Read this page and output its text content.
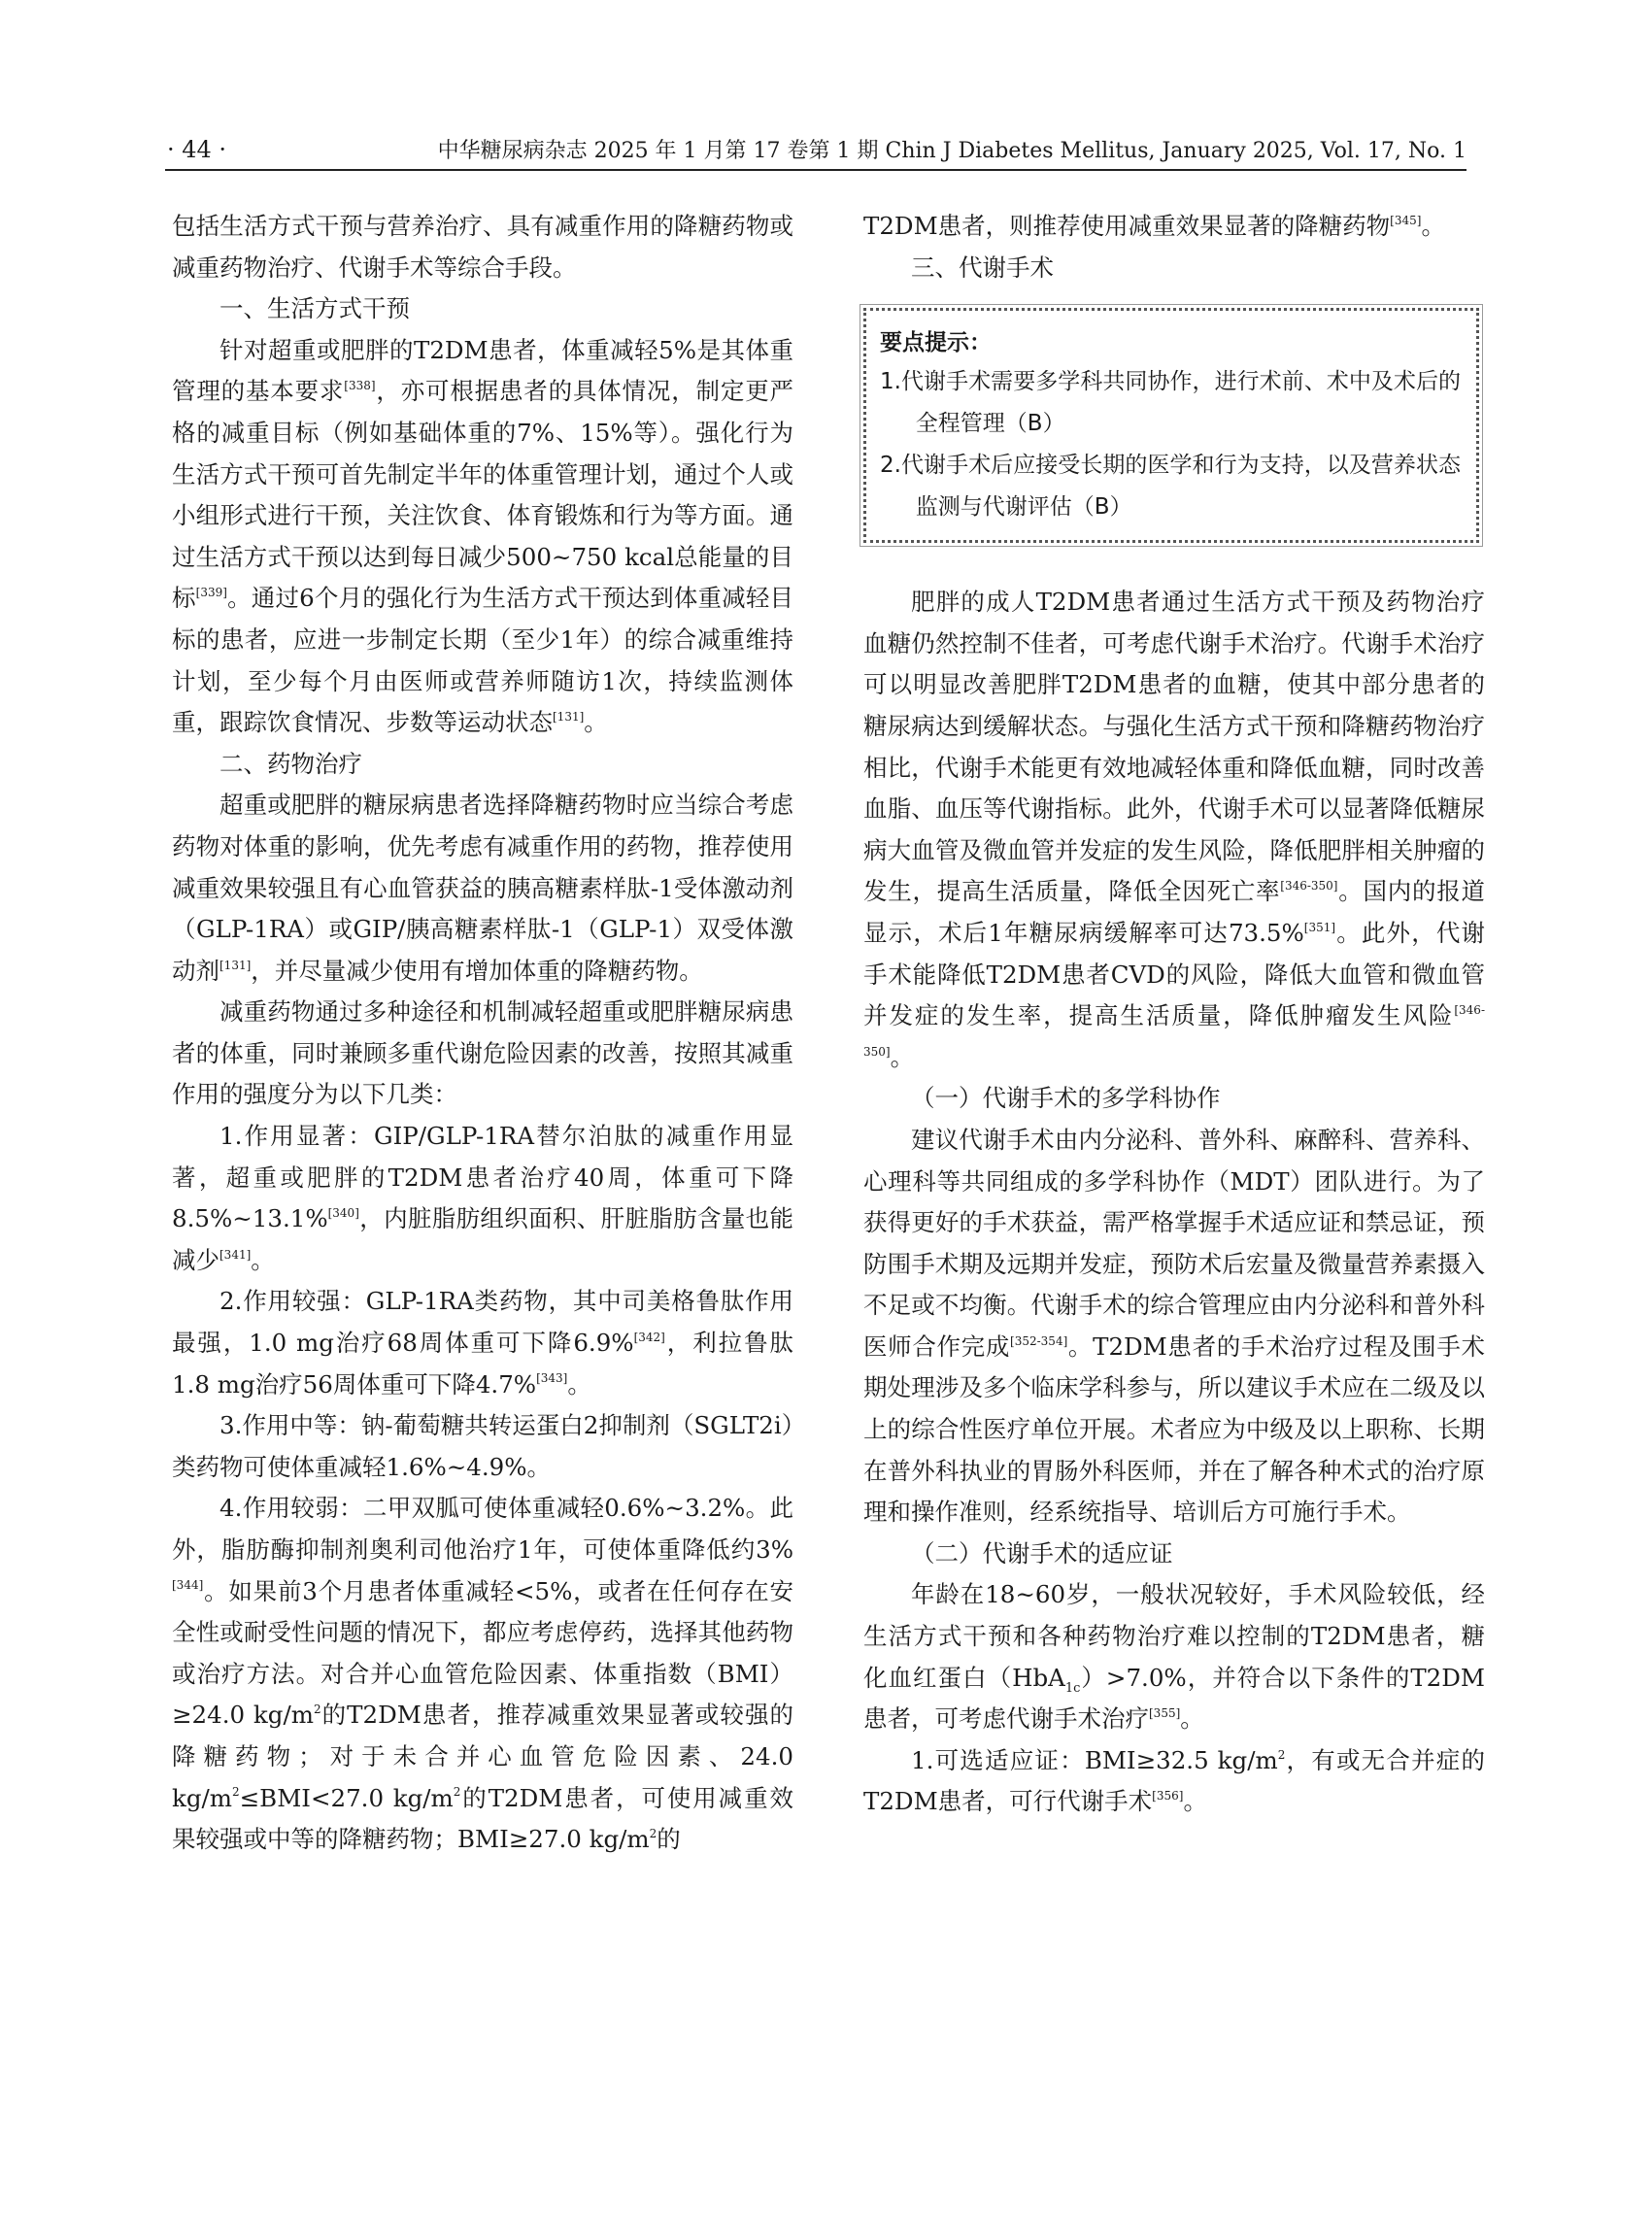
· 44 ·	中华糖尿病杂志 2025 年 1 月第 17 卷第 1 期 Chin J Diabetes Mellitus, January 2025, Vol. 17, No. 1

包括生活方式干预与营养治疗、具有减重作用的降糖药物或减重药物治疗、代谢手术等综合手段。

一、生活方式干预

针对超重或肥胖的T2DM患者，体重减轻5%是其体重管理的基本要求[338]，亦可根据患者的具体情况，制定更严格的减重目标（例如基础体重的7%、15%等）。强化行为生活方式干预可首先制定半年的体重管理计划，通过个人或小组形式进行干预，关注饮食、体育锻炼和行为等方面。通过生活方式干预以达到每日减少500~750 kcal总能量的目标[339]。通过6个月的强化行为生活方式干预达到体重减轻目标的患者，应进一步制定长期（至少1年）的综合减重维持计划，至少每个月由医师或营养师随访1次，持续监测体重，跟踪饮食情况、步数等运动状态[131]。

二、药物治疗

超重或肥胖的糖尿病患者选择降糖药物时应当综合考虑药物对体重的影响，优先考虑有减重作用的药物，推荐使用减重效果较强且有心血管获益的胰高糖素样肽-1受体激动剂（GLP-1RA）或GIP/胰高糖素样肽-1（GLP-1）双受体激动剂[131]，并尽量减少使用有增加体重的降糖药物。

减重药物通过多种途径和机制减轻超重或肥胖糖尿病患者的体重，同时兼顾多重代谢危险因素的改善，按照其减重作用的强度分为以下几类：

1.作用显著：GIP/GLP-1RA替尔泊肽的减重作用显著，超重或肥胖的T2DM患者治疗40周，体重可下降8.5%~13.1%[340]，内脏脂肪组织面积、肝脏脂肪含量也能减少[341]。

2.作用较强：GLP-1RA类药物，其中司美格鲁肽作用最强，1.0 mg治疗68周体重可下降6.9%[342]，利拉鲁肽1.8 mg治疗56周体重可下降4.7%[343]。

3.作用中等：钠-葡萄糖共转运蛋白2抑制剂（SGLT2i）类药物可使体重减轻1.6%~4.9%。

4.作用较弱：二甲双胍可使体重减轻0.6%~3.2%。此外，脂肪酶抑制剂奥利司他治疗1年，可使体重降低约3%[344]。如果前3个月患者体重减轻<5%，或者在任何存在安全性或耐受性问题的情况下，都应考虑停药，选择其他药物或治疗方法。对合并心血管危险因素、体重指数（BMI）≥24.0 $kg/m^2$的T2DM患者，推荐减重效果显著或较强的降糖药物；对于未合并心血管危险因素、24.0 $kg/m^2\le BMI<27.0$ $kg/m^2$的T2DM患者，可使用减重效果较强或中等的降糖药物；BMI≥27.0 $kg/m^2$的

T2DM患者，则推荐使用减重效果显著的降糖药物[345]。

三、代谢手术

要点提示：

1.代谢手术需要多学科共同协作，进行术前、术中及术后的全程管理（B）

2.代谢手术后应接受长期的医学和行为支持，以及营养状态监测与代谢评估（B）

肥胖的成人T2DM患者通过生活方式干预及药物治疗血糖仍然控制不佳者，可考虑代谢手术治疗。代谢手术治疗可以明显改善肥胖T2DM患者的血糖，使其中部分患者的糖尿病达到缓解状态。与强化生活方式干预和降糖药物治疗相比，代谢手术能更有效地减轻体重和降低血糖，同时改善血脂、血压等代谢指标。此外，代谢手术可以显著降低糖尿病大血管及微血管并发症的发生风险，降低肥胖相关肿瘤的发生，提高生活质量，降低全因死亡率[346-350]。国内的报道显示，术后1年糖尿病缓解率可达73.5%[351]。此外，代谢手术能降低T2DM患者CVD的风险，降低大血管和微血管并发症的发生率，提高生活质量，降低肿瘤发生风险[346-350]。

（一）代谢手术的多学科协作

建议代谢手术由内分泌科、普外科、麻醉科、营养科、心理科等共同组成的多学科协作（MDT）团队进行。为了获得更好的手术获益，需严格掌握手术适应证和禁忌证，预防围手术期及远期并发症，预防术后宏量及微量营养素摄入不足或不均衡。代谢手术的综合管理应由内分泌科和普外科医师合作完成[352-354]。T2DM患者的手术治疗过程及围手术期处理涉及多个临床学科参与，所以建议手术应在二级及以上的综合性医疗单位开展。术者应为中级及以上职称、长期在普外科执业的胃肠外科医师，并在了解各种术式的治疗原理和操作准则，经系统指导、培训后方可施行手术。

（二）代谢手术的适应证

年龄在18~60岁，一般状况较好，手术风险较低，经生活方式干预和各种药物治疗难以控制的T2DM患者，糖化血红蛋白（HbA$_{1c}$）>7.0%，并符合以下条件的T2DM患者，可考虑代谢手术治疗[355]。

1.可选适应证：BMI≥32.5 $kg/m^2$，有或无合并症的T2DM患者，可行代谢手术[356]。
